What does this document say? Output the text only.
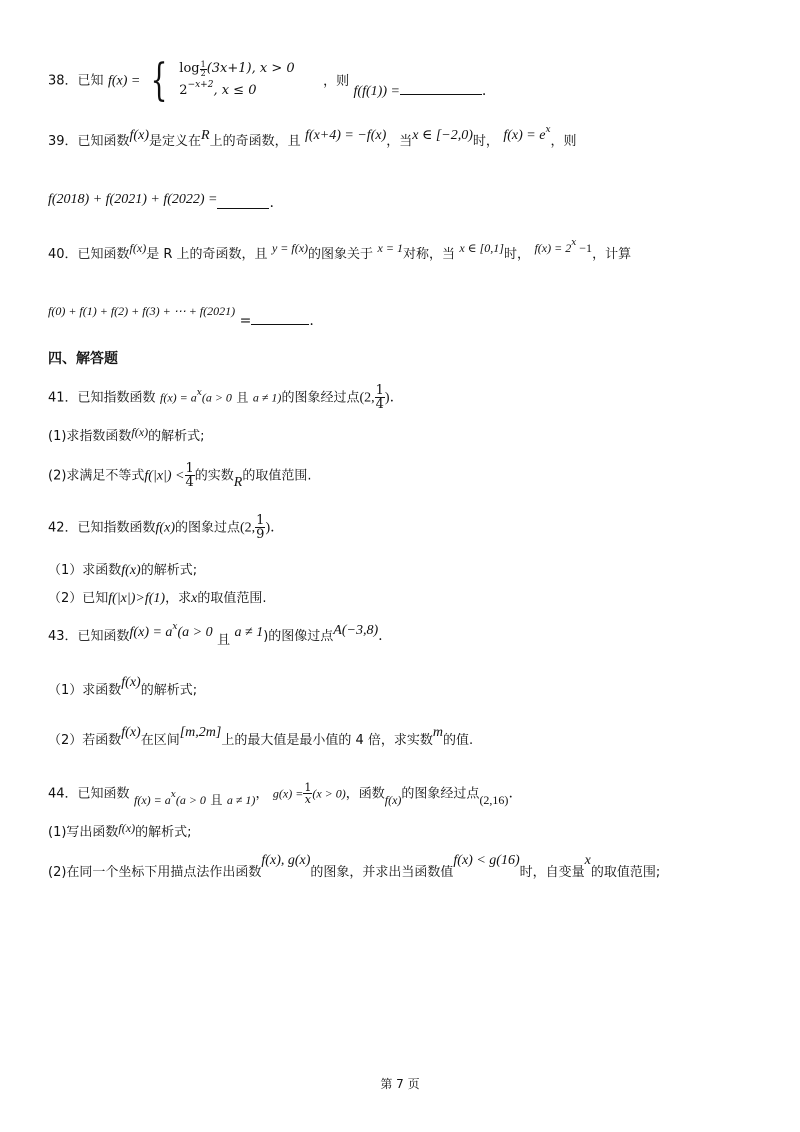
38．已知 f(x) = { $\log \frac{1}{2} (3x+1)$, x > 0
$2^{-x+2}$, x ≤ 0
，则 f(f(1)) =	.
39．已知函数f(x)是定义在R上的奇函数，且 f(x+4) = −f(x)，当x ∈ [−2,0)时， $f(x) = e^x$，则
f(2018) + f(2021) + f(2022) =	.
40．已知函数f(x)是 R 上的奇函数，且 y = f(x)的图象关于 x = 1对称，当 x ∈ [0,1]时， $f(x) = 2^x -1$，计算
f(0) + f(1) + f(2) + f(3) + ⋯ + f(2021) =	.
四、解答题
41．已知指数函数 $f(x) = a^x(a > 0$ 且 a ≠ 1)的图象经过点(2, $\frac{1}{4}$ ).
(1)求指数函数f(x)的解析式;
(2)求满足不等式$f(|x|) < \frac{1}{4}$ 的实数R的取值范围.
42．已知指数函数f(x)的图象过点(2, $\frac{1}{9}$ ).
（1）求函数f(x)的解析式;
（2）已知f(|x|)>f(1)，求x的取值范围.
43．已知函数$f(x) = a^x(a > 0$ 且 a ≠ 1)的图像过点A(−3,8).
（1）求函数f(x)的解析式;
（2）若函数f(x)在区间[m,2m]上的最大值是最小值的 4 倍，求实数m的值.
44．已知函数 f(x) = ax(a > 0 且 a ≠ 1)， $g(x) = \frac{1}{x} (x > 0)$，函数f(x)的图象经过点(2,16).
(1)写出函数f(x)的解析式;
(2)在同一个坐标下用描点法作出函数f(x), g(x)的图象，并求出当函数值f(x) < g(16)时，自变量x的取值范围;
第 7 页
